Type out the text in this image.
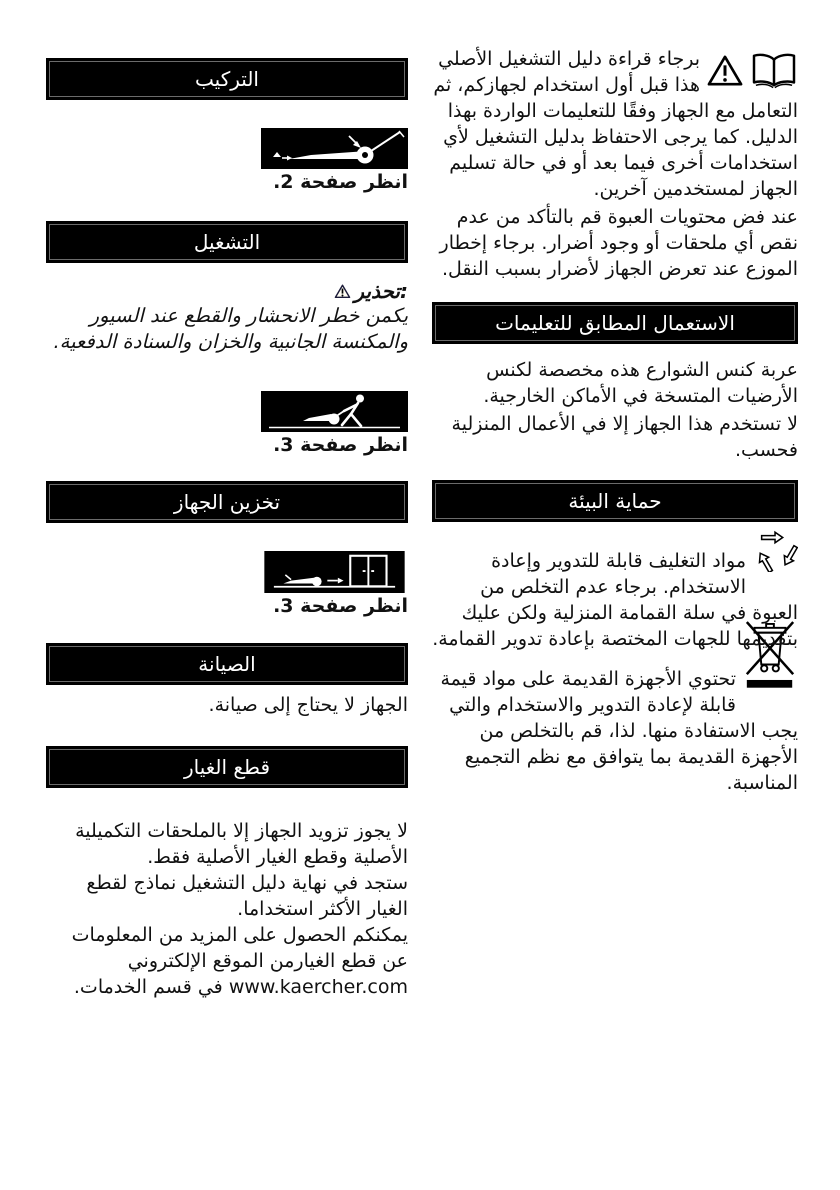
التركيب
انظر صفحة 2.
التشغيل
تحذير:

يكمن خطر الانحشار والقطع عند السيور والمكنسة الجانبية والخزان والسنادة الدفعية.

انظر صفحة 3.
تخزين الجهاز
انظر صفحة 3.
الصيانة

الجهاز لا يحتاج إلى صيانة.

قطع الغيار

لا يجوز تزويد الجهاز إلا بالملحقات التكميلية الأصلية وقطع الغيار الأصلية فقط.

ستجد في نهاية دليل التشغيل نماذج لقطع الغيار الأكثر استخداما.

يمكنكم الحصول على المزيد من المعلومات عن قطع الغيارمن الموقع الإلكتروني www.kaercher.com في قسم الخدمات.

برجاء قراءة دليل التشغيل الأصلي هذا قبل أول استخدام لجهازكم، ثم التعامل مع الجهاز وفقًا للتعليمات الواردة بهذا الدليل. كما يرجى الاحتفاظ بدليل التشغيل لأي استخدامات أخرى فيما بعد أو في حالة تسليم الجهاز لمستخدمين آخرين.

عند فض محتويات العبوة قم بالتأكد من عدم نقص أي ملحقات أو وجود أضرار. برجاء إخطار الموزع عند تعرض الجهاز لأضرار بسبب النقل.

الاستعمال المطابق للتعليمات

عربة كنس الشوارع هذه مخصصة لكنس الأرضيات المتسخة في الأماكن الخارجية.

لا تستخدم هذا الجهاز إلا في الأعمال المنزلية فحسب.

حماية البيئة

مواد التغليف قابلة للتدوير وإعادة الاستخدام. برجاء عدم التخلص من العبوة في سلة القمامة المنزلية ولكن عليك بتقديمها للجهات المختصة بإعادة تدوير القمامة.

تحتوي الأجهزة القديمة على مواد قيمة قابلة لإعادة التدوير والاستخدام والتي يجب الاستفادة منها. لذا، قم بالتخلص من الأجهزة القديمة بما يتوافق مع نظم التجميع المناسبة.
